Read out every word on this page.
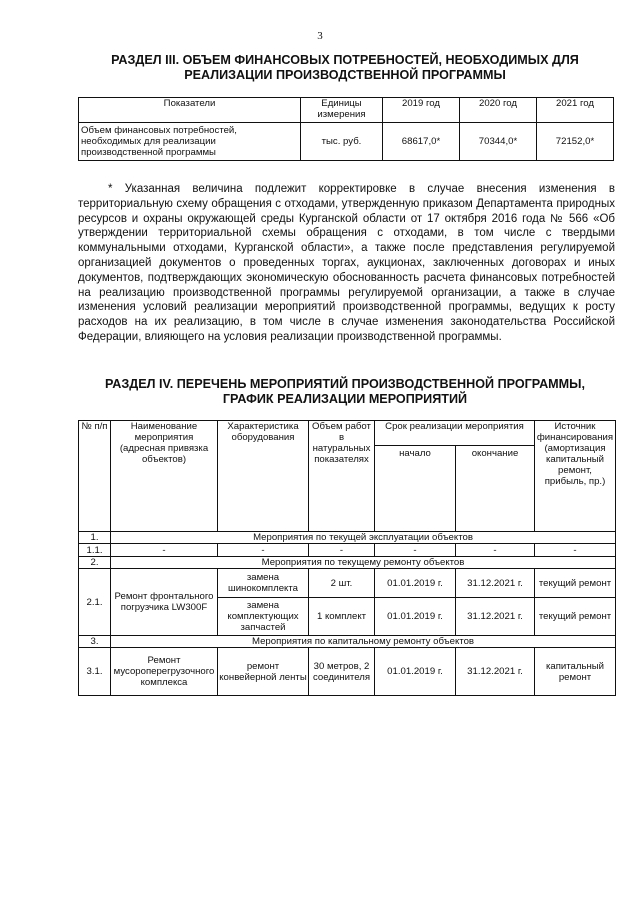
3
РАЗДЕЛ III. ОБЪЕМ ФИНАНСОВЫХ ПОТРЕБНОСТЕЙ, НЕОБХОДИМЫХ ДЛЯ
РЕАЛИЗАЦИИ ПРОИЗВОДСТВЕННОЙ ПРОГРАММЫ
Показатели	Единицы измерения	2019 год	2020 год	2021 год
Объем финансовых потребностей, необходимых для реализации производственной программы	тыс. руб.	68617,0*	70344,0*	72152,0*

* Указанная величина подлежит корректировке в случае внесения изменения в территориальную схему обращения с отходами, утвержденную приказом Департамента природных ресурсов и охраны окружающей среды Курганской области от 17 октября 2016 года № 566 «Об утверждении территориальной схемы обращения с отходами, в том числе с твердыми коммунальными отходами, Курганской области», а также после представления регулируемой организацией документов о проведенных торгах, аукционах, заключенных договорах и иных документов, подтверждающих экономическую обоснованность расчета финансовых потребностей на реализацию производственной программы регулируемой организации, а также в случае изменения условий реализации мероприятий производственной программы, ведущих к росту расходов на их реализацию, в том числе в случае изменения законодательства Российской Федерации, влияющего на условия реализации производственной программы.

РАЗДЕЛ IV. ПЕРЕЧЕНЬ МЕРОПРИЯТИЙ ПРОИЗВОДСТВЕННОЙ ПРОГРАММЫ,
ГРАФИК РЕАЛИЗАЦИИ МЕРОПРИЯТИЙ
№ п/п	Наименование мероприятия (адресная привязка объектов)	Характеристика оборудования	Объем работ в натуральных показателях	Срок реализации мероприятия		Источник финансирования (амортизация капитальный ремонт, прибыль, пр.)
				начало	окончание	
1.	Мероприятия по текущей эксплуатации объектов					
1.1.	-	-	-	-	-	-
2.	Мероприятия по текущему ремонту объектов					
2.1.	Ремонт фронтального погрузчика LW300F	замена шинокомплекта	2 шт.	01.01.2019 г.	31.12.2021 г.	текущий ремонт
		замена комплектующих запчастей	1 комплект	01.01.2019 г.	31.12.2021 г.	текущий ремонт
3.	Мероприятия по капитальному ремонту объектов					
3.1.	Ремонт мусороперегрузочного комплекса	ремонт конвейерной ленты	30 метров, 2 соединителя	01.01.2019 г.	31.12.2021 г.	капитальный ремонт
